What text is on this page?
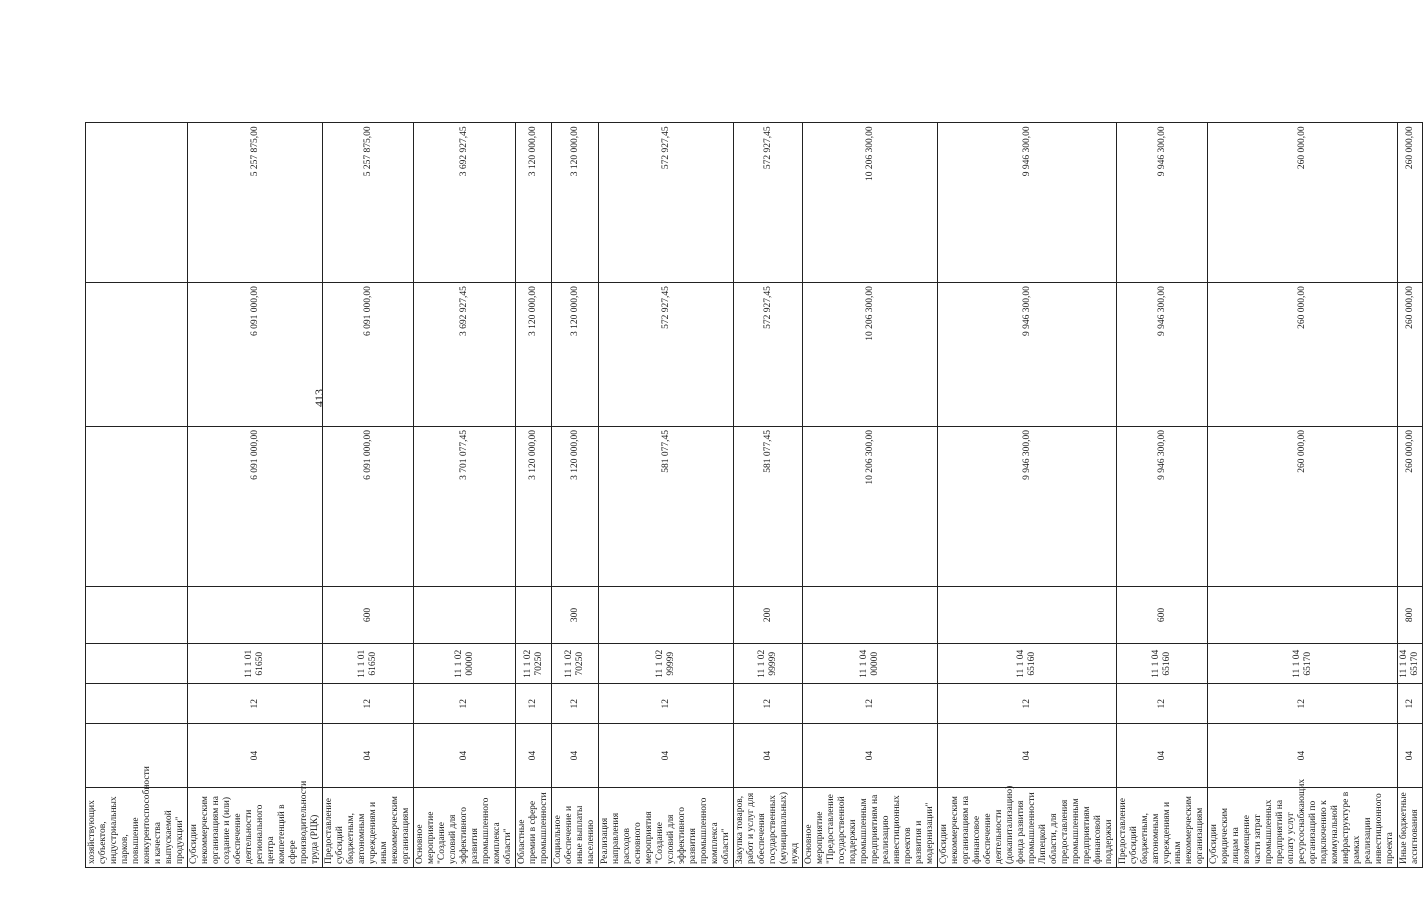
413
хозяйствующих субъектов, индустриальных парков, повышение конкурентоспособности и качества выпускаемой продукции"							
Субсидии некоммерческим организациям на создание и (или) обеспечение деятельности регионального центра компетенций в сфере производительности труда (РЦК)	04	12	11 1 01 61650		6 091 000,00	6 091 000,00	5 257 875,00
Предоставление субсидий бюджетным, автономным учреждениям и иным некоммерческим организациям	04	12	11 1 01 61650	600	6 091 000,00	6 091 000,00	5 257 875,00
Основное мероприятие "Создание условий для эффективного развития промышленного комплекса области"	04	12	11 1 02 00000		3 701 077,45	3 692 927,45	3 692 927,45
Областные премии в сфере промышленности	04	12	11 1 02 70250		3 120 000,00	3 120 000,00	3 120 000,00
Социальное обеспечение и иные выплаты населению	04	12	11 1 02 70250	300	3 120 000,00	3 120 000,00	3 120 000,00
Реализация направления расходов основного мероприятия "Создание условий для эффективного развития промышленного комплекса области"	04	12	11 1 02 99999		581 077,45	572 927,45	572 927,45
Закупка товаров, работ и услуг для обеспечения государственных (муниципальных) нужд	04	12	11 1 02 99999	200	581 077,45	572 927,45	572 927,45
Основное мероприятие "Предоставление государственной поддержки промышленным предприятиям на реализацию инвестиционных проектов развития и модернизации"	04	12	11 1 04 00000		10 206 300,00	10 206 300,00	10 206 300,00
Субсидии некоммерческим организациям на финансовое обеспечение деятельности (докапитализацию) фонда развития промышленности Липецкой области, для предоставления промышленным предприятиям финансовой поддержки	04	12	11 1 04 65160		9 946 300,00	9 946 300,00	9 946 300,00
Предоставление субсидий бюджетным, автономным учреждениям и иным некоммерческим организациям	04	12	11 1 04 65160	600	9 946 300,00	9 946 300,00	9 946 300,00
Субсидии юридическим лицам на возмещение части затрат промышленных предприятий на оплату услуг ресурсоснабжающих организаций по подключению к коммунальной инфраструктуре в рамках реализации инвестиционного проекта	04	12	11 1 04 65170		260 000,00	260 000,00	260 000,00
Иные бюджетные ассигнования	04	12	11 1 04 65170	800	260 000,00	260 000,00	260 000,00
